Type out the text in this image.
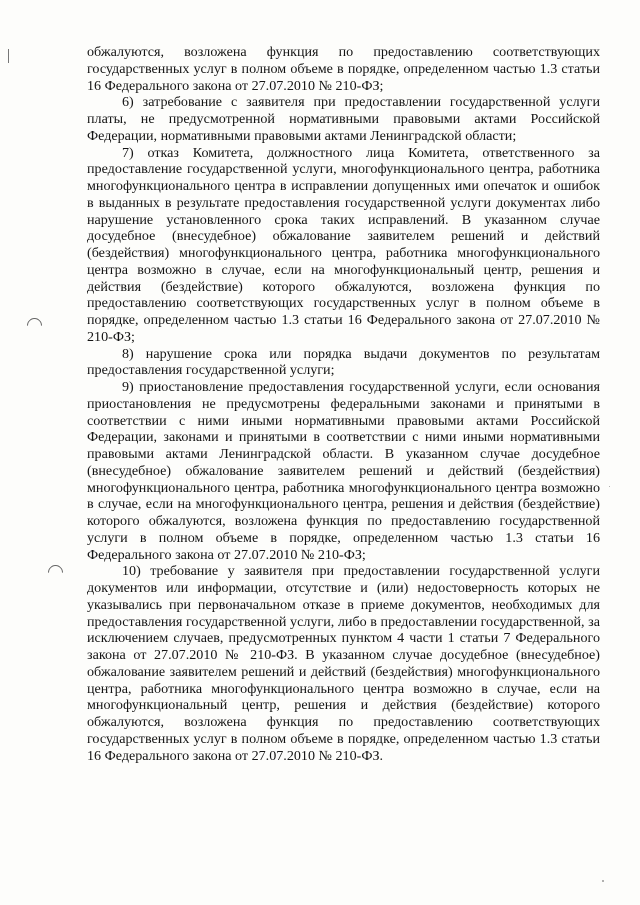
обжалуются, возложена функция по предоставлению соответствующих государственных услуг в полном объеме в порядке, определенном частью 1.3 статьи 16 Федерального закона от 27.07.2010 № 210-ФЗ;

6) затребование с заявителя при предоставлении государственной услуги платы, не предусмотренной нормативными правовыми актами Российской Федерации, нормативными правовыми актами Ленинградской области;

7) отказ Комитета, должностного лица Комитета, ответственного за предоставление государственной услуги, многофункционального центра, работника многофункционального центра в исправлении допущенных ими опечаток и ошибок в выданных в результате предоставления государственной услуги документах либо нарушение установленного срока таких исправлений. В указанном случае досудебное (внесудебное) обжалование заявителем решений и действий (бездействия) многофункционального центра, работника многофункционального центра возможно в случае, если на многофункциональный центр, решения и действия (бездействие) которого обжалуются, возложена функция по предоставлению соответствующих государственных услуг в полном объеме в порядке, определенном частью 1.3 статьи 16 Федерального закона от 27.07.2010 № 210-ФЗ;

8) нарушение срока или порядка выдачи документов по результатам предоставления государственной услуги;

9) приостановление предоставления государственной услуги, если основания приостановления не предусмотрены федеральными законами и принятыми в соответствии с ними иными нормативными правовыми актами Российской Федерации, законами и принятыми в соответствии с ними иными нормативными правовыми актами Ленинградской области. В указанном случае досудебное (внесудебное) обжалование заявителем решений и действий (бездействия) многофункционального центра, работника многофункционального центра возможно в случае, если на многофункционального центра, решения и действия (бездействие) которого обжалуются, возложена функция по предоставлению государственной услуги в полном объеме в порядке, определенном частью 1.3 статьи 16 Федерального закона от 27.07.2010 № 210-ФЗ;

10) требование у заявителя при предоставлении государственной услуги документов или информации, отсутствие и (или) недостоверность которых не указывались при первоначальном отказе в приеме документов, необходимых для предоставления государственной услуги, либо в предоставлении государственной, за исключением случаев, предусмотренных пунктом 4 части 1 статьи 7 Федерального закона от 27.07.2010 № 210-ФЗ. В указанном случае досудебное (внесудебное) обжалование заявителем решений и действий (бездействия) многофункционального центра, работника многофункционального центра возможно в случае, если на многофункциональный центр, решения и действия (бездействие) которого обжалуются, возложена функция по предоставлению соответствующих государственных услуг в полном объеме в порядке, определенном частью 1.3 статьи 16 Федерального закона от 27.07.2010 № 210-ФЗ.
